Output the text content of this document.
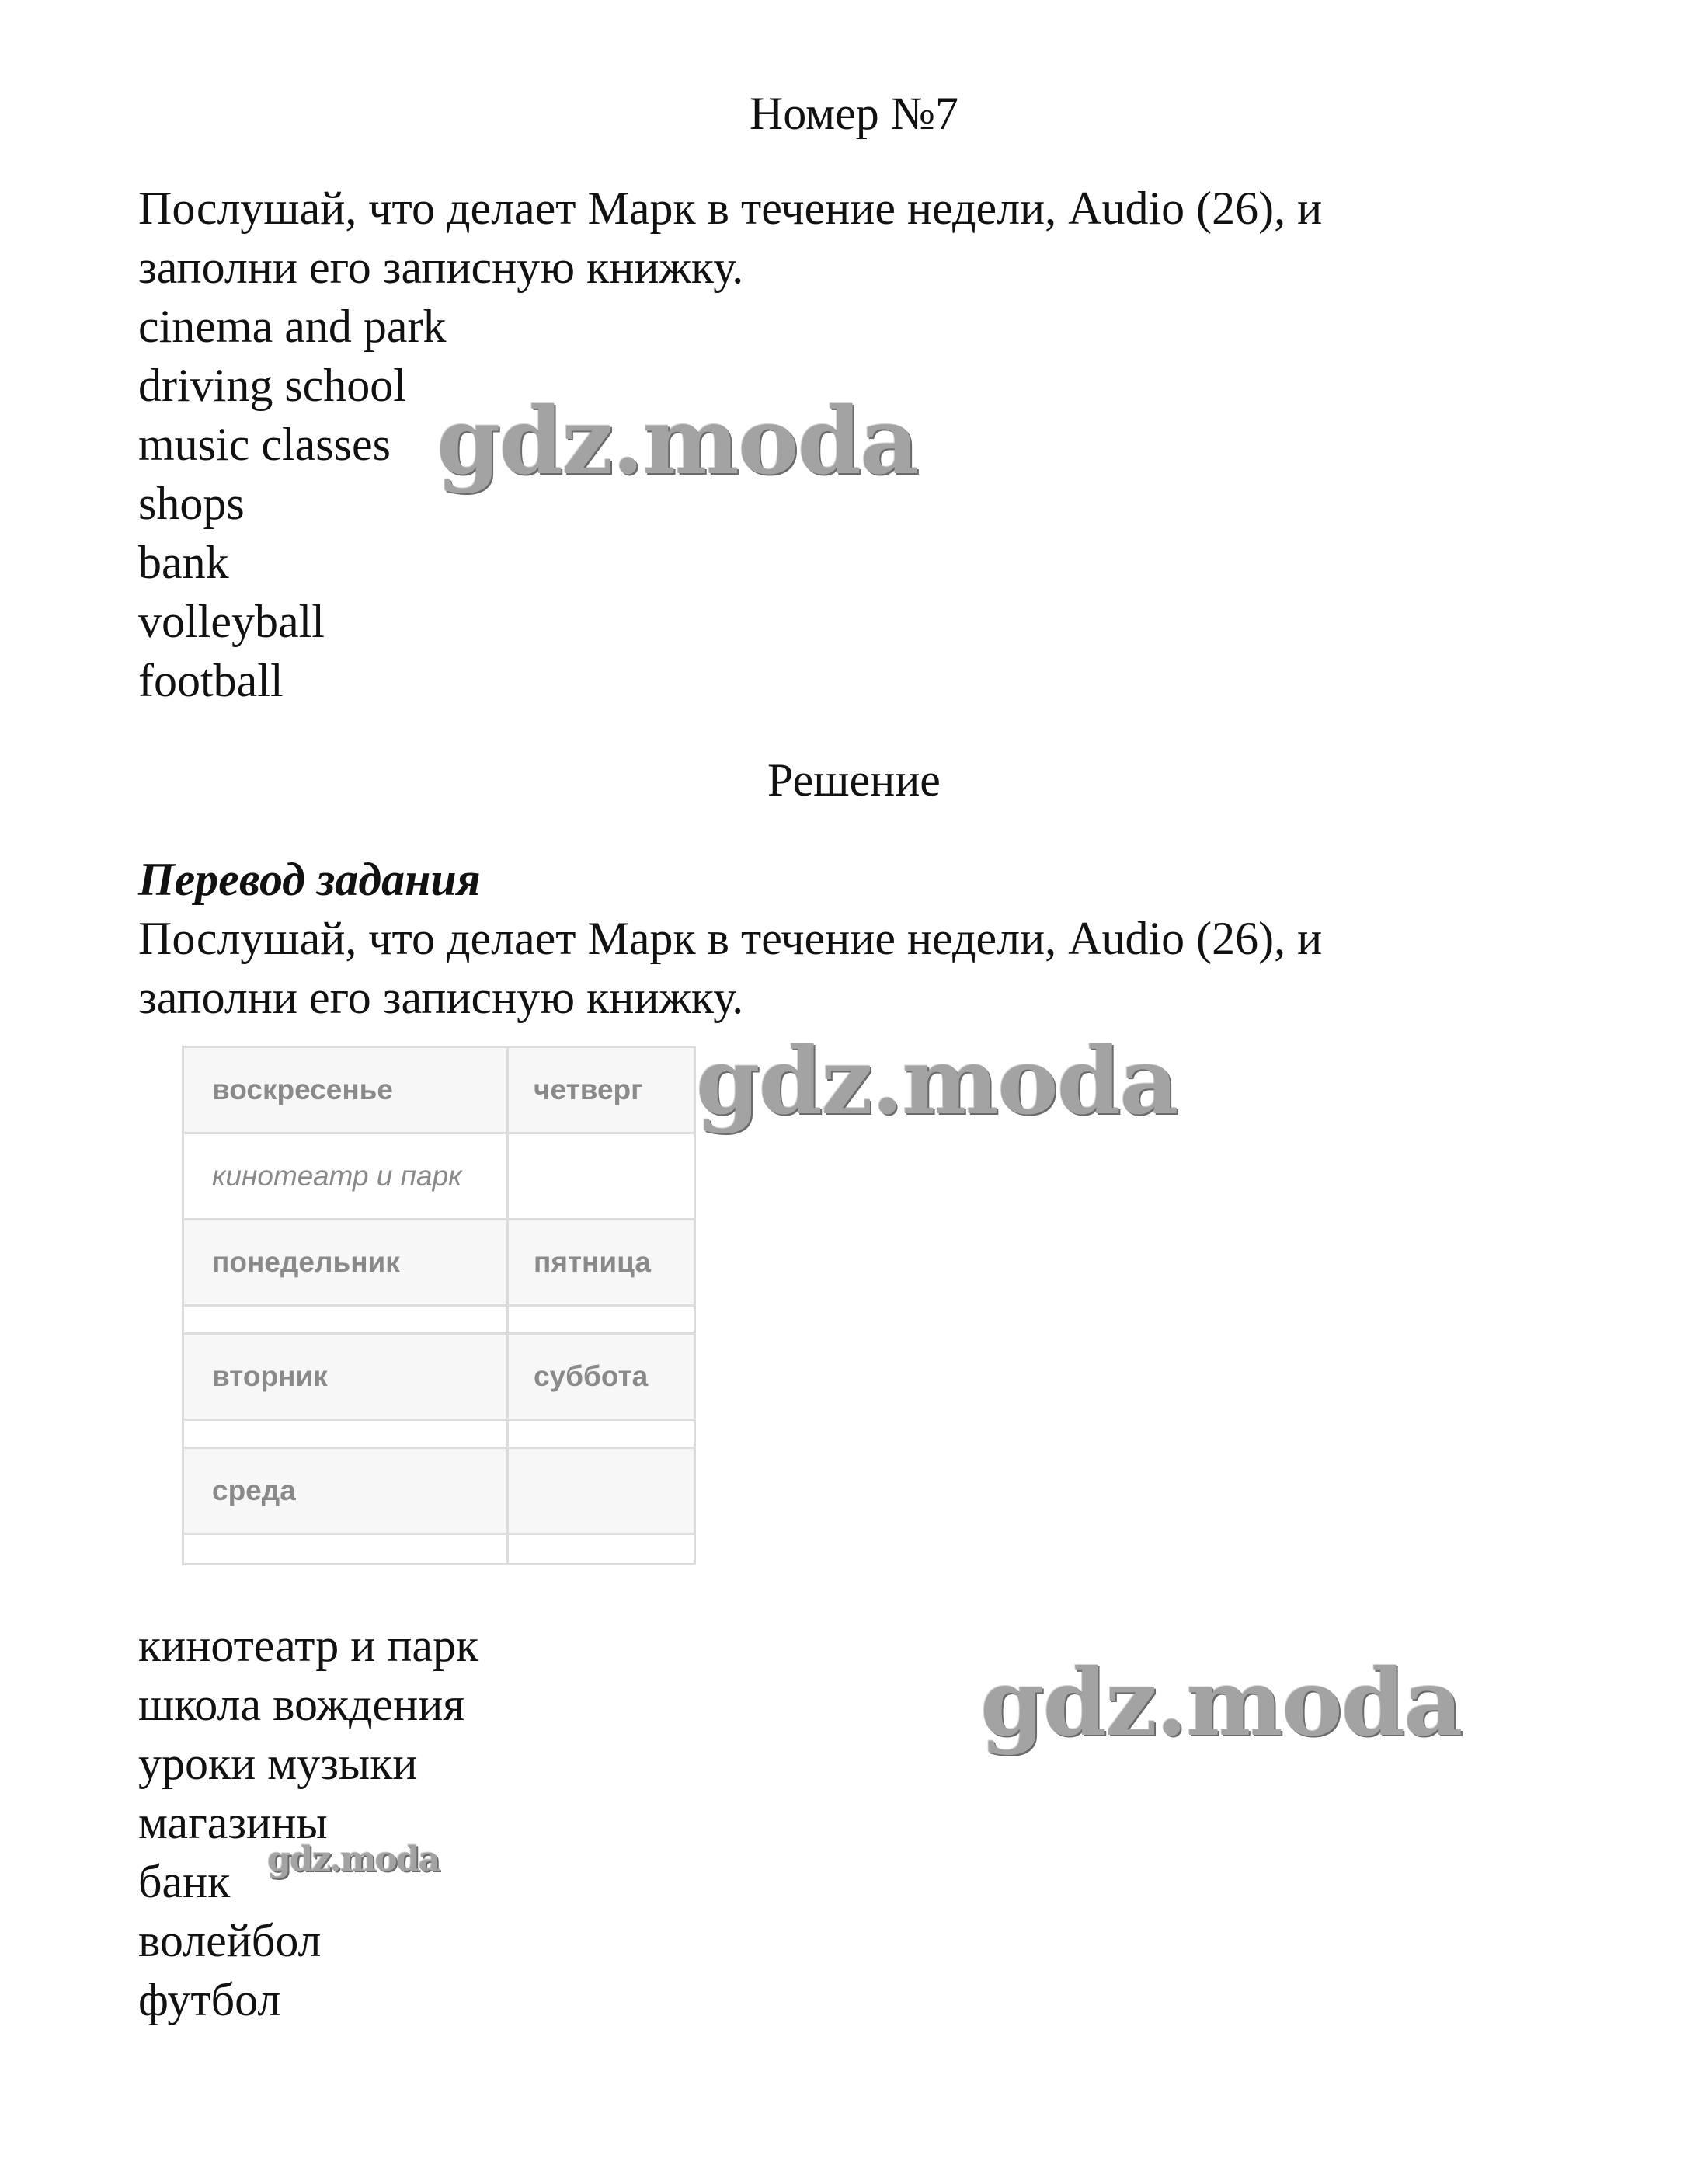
Номер №7
Послушай, что делает Марк в течение недели, Audio (26), и
заполни его записную книжку.
cinema and park
driving school
music classes
shops
bank
volleyball
football
Решение
Перевод задания
Послушай, что делает Марк в течение недели, Audio (26), и
заполни его записную книжку.
воскресенье	четверг
кинотеатр и парк
понедельник	пятница
вторник	суббота
среда
кинотеатр и парк
школа вождения
уроки музыки
магазины
банк
волейбол
футбол
gdz.moda
gdz.moda
gdz.moda
gdz.moda
